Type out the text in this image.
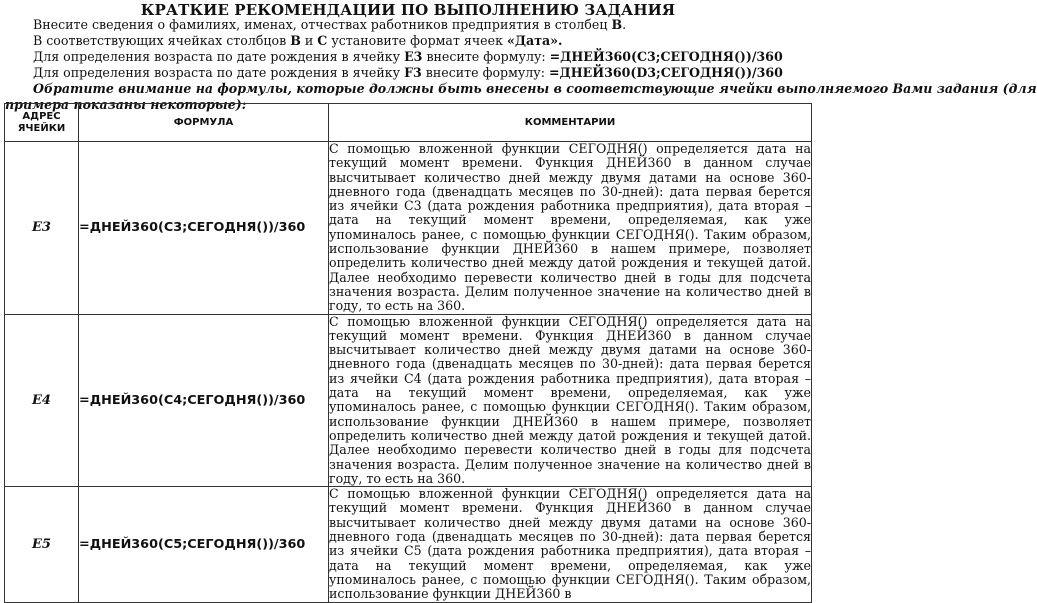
КРАТКИЕ РЕКОМЕНДАЦИИ ПО ВЫПОЛНЕНИЮ ЗАДАНИЯ
Внесите сведения о фамилиях, именах, отчествах работников предприятия в столбец В.
В соответствующих ячейках столбцов В и С установите формат ячеек «Дата».
Для определения возраста по дате рождения в ячейку Е3 внесите формулу: =ДНЕЙ360(С3;СЕГОДНЯ())/360
Для определения возраста по дате рождения в ячейку F3 внесите формулу: =ДНЕЙ360(D3;СЕГОДНЯ())/360
Обратите внимание на формулы, которые должны быть внесены в соответствующие ячейки выполняемого Вами задания (для
примера показаны некоторые):
АДРЕС
ЯЧЕЙКИ	ФОРМУЛА	КОММЕНТАРИИ
Е3	=ДНЕЙ360(С3;СЕГОДНЯ())/360	С помощью вложенной функции СЕГОДНЯ() определяется дата на текущий момент времени. Функция ДНЕЙ360 в данном случае высчитывает количество дней между двумя датами на основе 360-дневного года (двенадцать месяцев по 30-дней): дата первая берется из ячейки С3 (дата рождения работника предприятия), дата вторая – дата на текущий момент времени, определяемая, как уже упоминалось ранее, с помощью функции СЕГОДНЯ(). Таким образом, использование функции ДНЕЙ360 в нашем примере, позволяет определить количество дней между датой рождения и текущей датой. Далее необходимо перевести количество дней в годы для подсчета значения возраста. Делим полученное значение на количество дней в году, то есть на 360.
Е4	=ДНЕЙ360(С4;СЕГОДНЯ())/360	С помощью вложенной функции СЕГОДНЯ() определяется дата на текущий момент времени. Функция ДНЕЙ360 в данном случае высчитывает количество дней между двумя датами на основе 360-дневного года (двенадцать месяцев по 30-дней): дата первая берется из ячейки С4 (дата рождения работника предприятия), дата вторая – дата на текущий момент времени, определяемая, как уже упоминалось ранее, с помощью функции СЕГОДНЯ(). Таким образом, использование функции ДНЕЙ360 в нашем примере, позволяет определить количество дней между датой рождения и текущей датой. Далее необходимо перевести количество дней в годы для подсчета значения возраста. Делим полученное значение на количество дней в году, то есть на 360.
Е5	=ДНЕЙ360(С5;СЕГОДНЯ())/360	С помощью вложенной функции СЕГОДНЯ() определяется дата на текущий момент времени. Функция ДНЕЙ360 в данном случае высчитывает количество дней между двумя датами на основе 360-дневного года (двенадцать месяцев по 30-дней): дата первая берется из ячейки С5 (дата рождения работника предприятия), дата вторая – дата на текущий момент времени, определяемая, как уже упоминалось ранее, с помощью функции СЕГОДНЯ(). Таким образом, использование функции ДНЕЙ360 в
